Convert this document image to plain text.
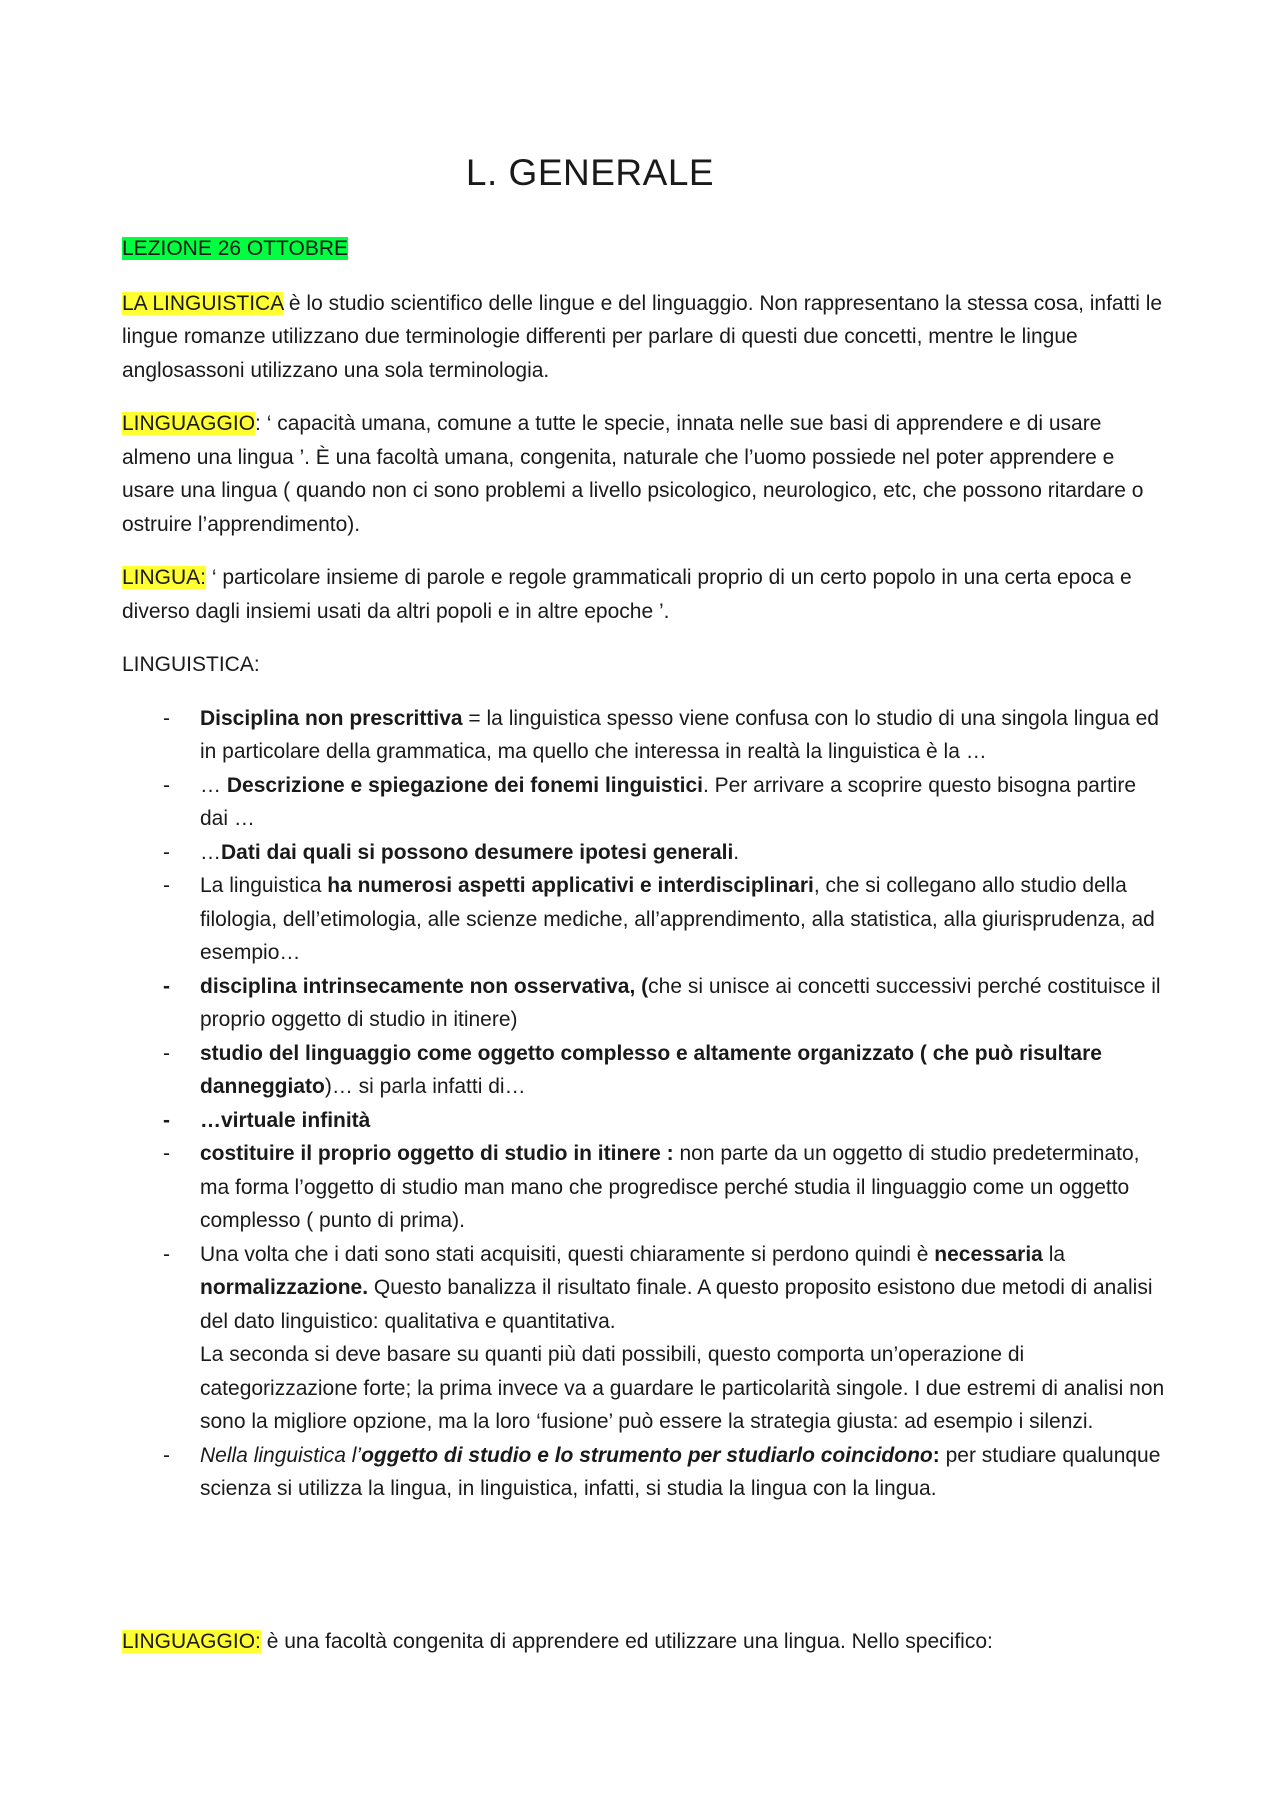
L. GENERALE

LEZIONE 26 OTTOBRE

LA LINGUISTICA è lo studio scientifico delle lingue e del linguaggio. Non rappresentano la stessa cosa, infatti le lingue romanze utilizzano due terminologie differenti per parlare di questi due concetti, mentre le lingue anglosassoni utilizzano una sola terminologia.

LINGUAGGIO: ‘ capacità umana, comune a tutte le specie, innata nelle sue basi di apprendere e di usare almeno una lingua ’. È una facoltà umana, congenita, naturale che l’uomo possiede nel poter apprendere e usare una lingua ( quando non ci sono problemi a livello psicologico, neurologico, etc, che possono ritardare o ostruire l’apprendimento).

LINGUA: ‘ particolare insieme di parole e regole grammaticali proprio di un certo popolo in una certa epoca e diverso dagli insiemi usati da altri popoli e in altre epoche ’.

LINGUISTICA:

- Disciplina non prescrittiva = la linguistica spesso viene confusa con lo studio di una singola lingua ed in particolare della grammatica, ma quello che interessa in realtà la linguistica è la …
- … Descrizione e spiegazione dei fonemi linguistici. Per arrivare a scoprire questo bisogna partire dai …
- …Dati dai quali si possono desumere ipotesi generali.
- La linguistica ha numerosi aspetti applicativi e interdisciplinari, che si collegano allo studio della filologia, dell’etimologia, alle scienze mediche, all’apprendimento, alla statistica, alla giurisprudenza, ad esempio…
- disciplina intrinsecamente non osservativa, (che si unisce ai concetti successivi perché costituisce il proprio oggetto di studio in itinere)
- studio del linguaggio come oggetto complesso e altamente organizzato ( che può risultare danneggiato)… si parla infatti di…
- …virtuale infinità
- costituire il proprio oggetto di studio in itinere : non parte da un oggetto di studio predeterminato, ma forma l’oggetto di studio man mano che progredisce perché studia il linguaggio come un oggetto complesso ( punto di prima).
- Una volta che i dati sono stati acquisiti, questi chiaramente si perdono quindi è necessaria la normalizzazione. Questo banalizza il risultato finale. A questo proposito esistono due metodi di analisi del dato linguistico: qualitativa e quantitativa.
La seconda si deve basare su quanti più dati possibili, questo comporta un’operazione di categorizzazione forte; la prima invece va a guardare le particolarità singole. I due estremi di analisi non sono la migliore opzione, ma la loro ‘fusione’ può essere la strategia giusta: ad esempio i silenzi.
- Nella linguistica l’oggetto di studio e lo strumento per studiarlo coincidono: per studiare qualunque scienza si utilizza la lingua, in linguistica, infatti, si studia la lingua con la lingua.

LINGUAGGIO: è una facoltà congenita di apprendere ed utilizzare una lingua. Nello specifico:
